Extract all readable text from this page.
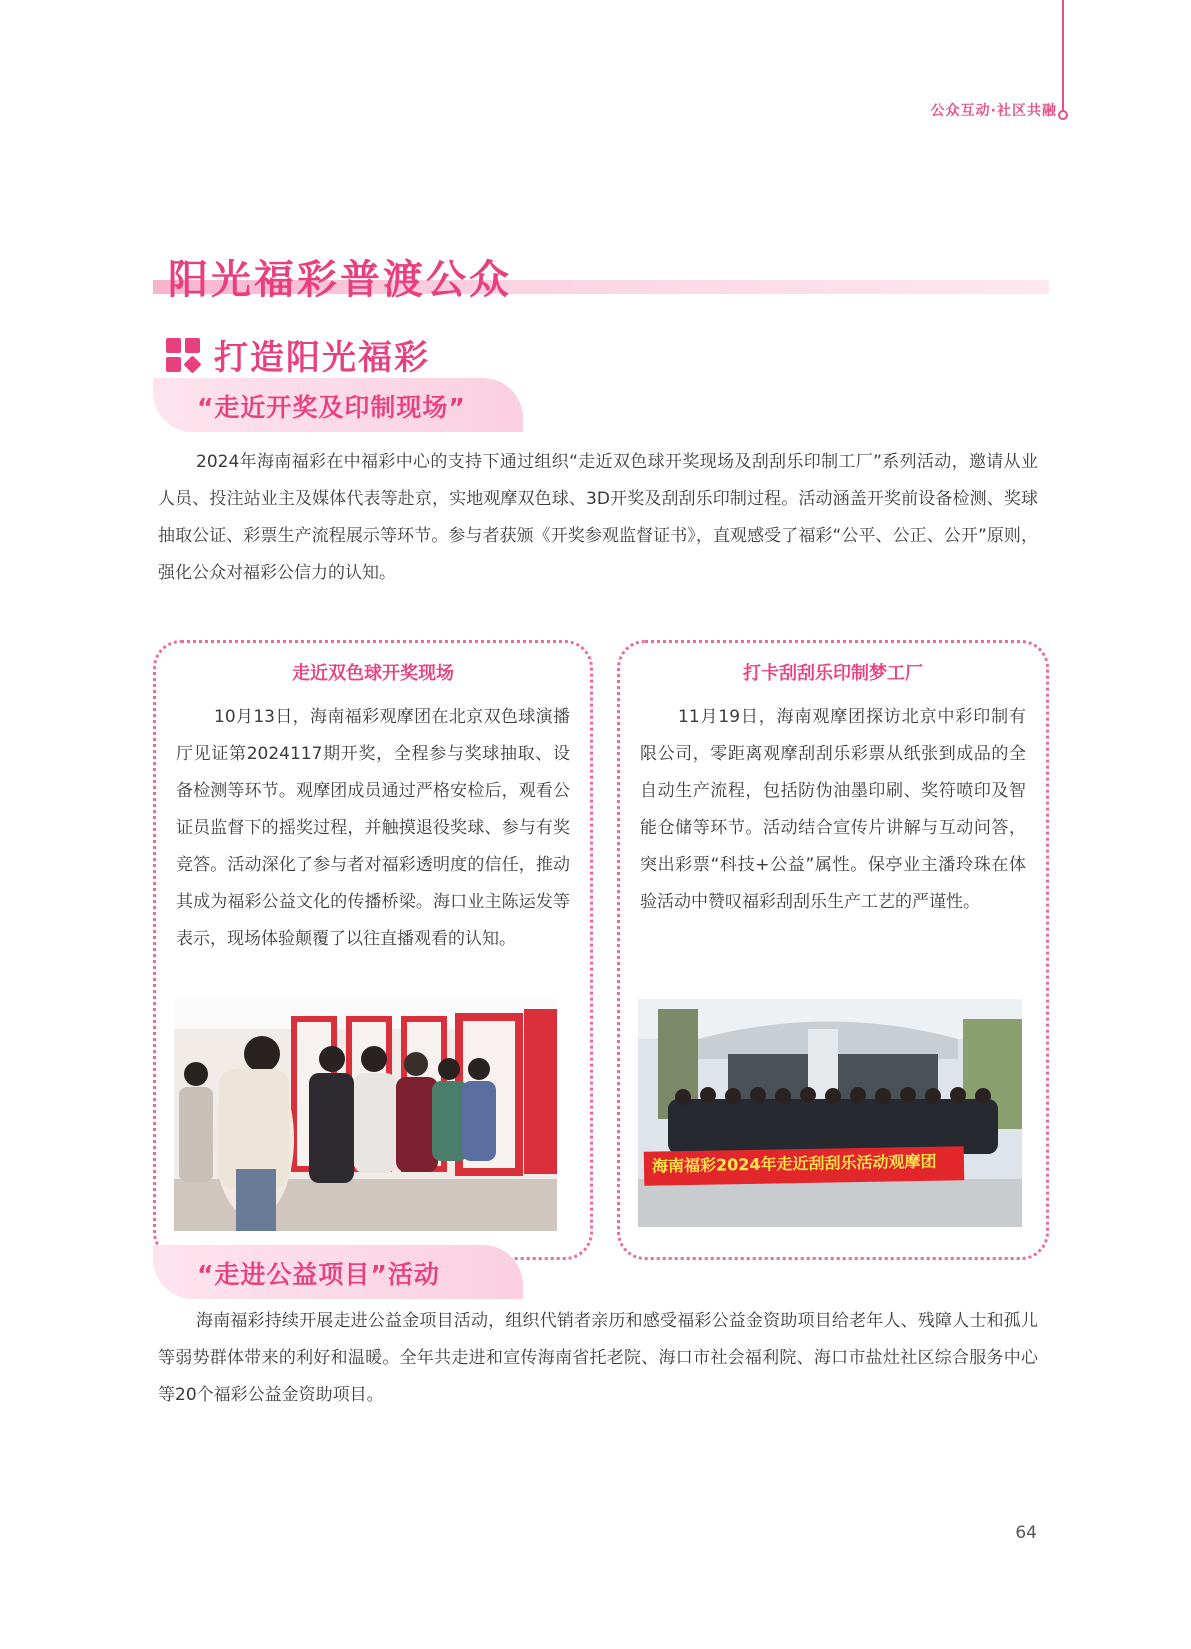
公众互动·社区共融
阳光福彩普渡公众
打造阳光福彩
“走近开奖及印制现场”
2024年海南福彩在中福彩中心的支持下通过组织“走近双色球开奖现场及刮刮乐印制工厂”系列活动，邀请从业人员、投注站业主及媒体代表等赴京，实地观摩双色球、3D开奖及刮刮乐印制过程。活动涵盖开奖前设备检测、奖球抽取公证、彩票生产流程展示等环节。参与者获颁《开奖参观监督证书》，直观感受了福彩“公平、公正、公开”原则，强化公众对福彩公信力的认知。
走近双色球开奖现场
10月13日，海南福彩观摩团在北京双色球演播厅见证第2024117期开奖，全程参与奖球抽取、设备检测等环节。观摩团成员通过严格安检后，观看公证员监督下的摇奖过程，并触摸退役奖球、参与有奖竞答。活动深化了参与者对福彩透明度的信任，推动其成为福彩公益文化的传播桥梁。海口业主陈运发等表示，现场体验颠覆了以往直播观看的认知。
打卡刮刮乐印制梦工厂
11月19日，海南观摩团探访北京中彩印制有限公司，零距离观摩刮刮乐彩票从纸张到成品的全自动生产流程，包括防伪油墨印刷、奖符喷印及智能仓储等环节。活动结合宣传片讲解与互动问答，突出彩票“科技+公益”属性。保亭业主潘玲珠在体验活动中赞叹福彩刮刮乐生产工艺的严谨性。
海南福彩2024年走近刮刮乐活动观摩团
“走进公益项目”活动
海南福彩持续开展走进公益金项目活动，组织代销者亲历和感受福彩公益金资助项目给老年人、残障人士和孤儿等弱势群体带来的利好和温暖。全年共走进和宣传海南省托老院、海口市社会福利院、海口市盐灶社区综合服务中心等20个福彩公益金资助项目。
64
